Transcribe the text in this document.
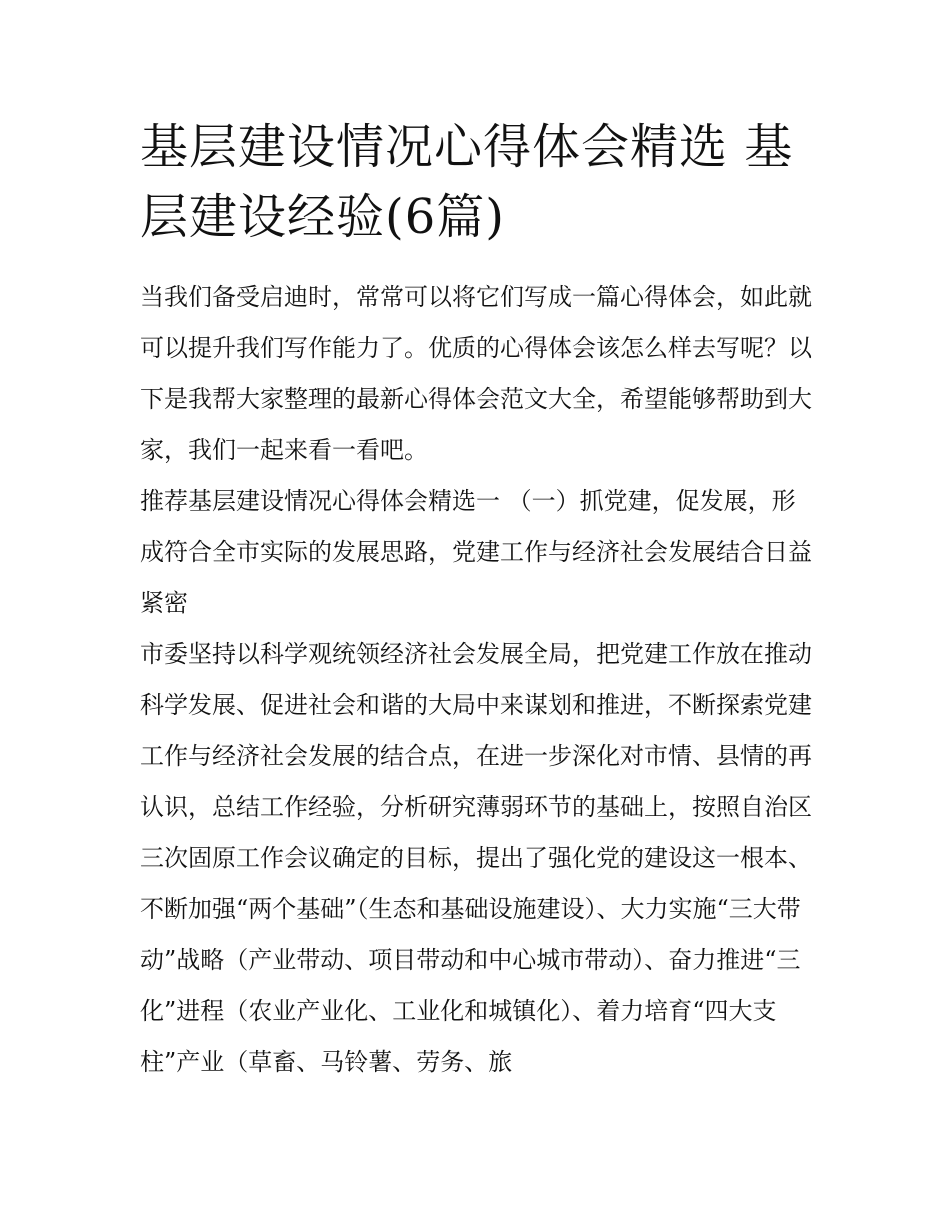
基层建设情况心得体会精选 基层建设经验(6篇)

当我们备受启迪时，常常可以将它们写成一篇心得体会，如此就可以提升我们写作能力了。优质的心得体会该怎么样去写呢？以下是我帮大家整理的最新心得体会范文大全，希望能够帮助到大家，我们一起来看一看吧。

推荐基层建设情况心得体会精选一 （一）抓党建，促发展，形成符合全市实际的发展思路，党建工作与经济社会发展结合日益紧密

市委坚持以科学观统领经济社会发展全局，把党建工作放在推动科学发展、促进社会和谐的大局中来谋划和推进，不断探索党建工作与经济社会发展的结合点，在进一步深化对市情、县情的再认识，总结工作经验，分析研究薄弱环节的基础上，按照自治区三次固原工作会议确定的目标，提出了强化党的建设这一根本、不断加强“两个基础”（生态和基础设施建设）、大力实施“三大带动”战略（产业带动、项目带动和中心城市带动）、奋力推进“三化”进程（农业产业化、工业化和城镇化）、着力培育“四大支柱”产业（草畜、马铃薯、劳务、旅
